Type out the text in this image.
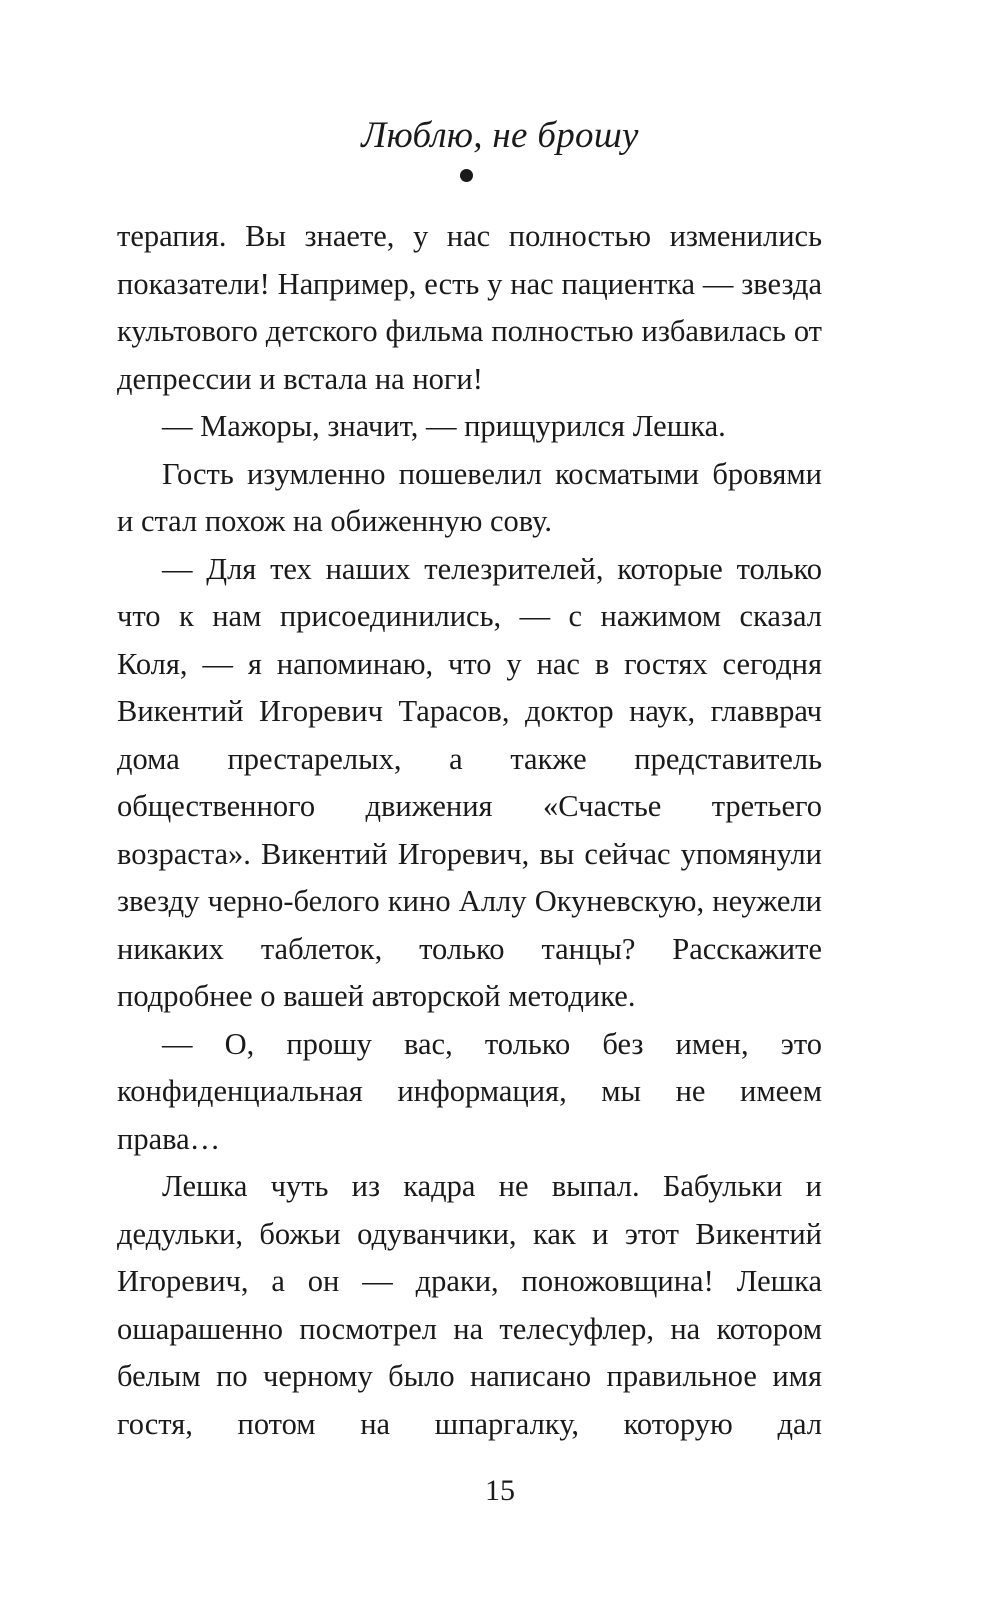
Люблю, не брошу

терапия. Вы знаете, у нас полностью изменились показатели! Например, есть у нас пациентка — звезда культового детского фильма полностью избавилась от депрессии и встала на ноги!

— Мажоры, значит, — прищурился Лешка.

Гость изумленно пошевелил косматыми бровями и стал похож на обиженную сову.

— Для тех наших телезрителей, которые только что к нам присоединились, — с нажимом сказал Коля, — я напоминаю, что у нас в гостях сегодня Викентий Игоревич Тарасов, доктор наук, главврач дома престарелых, а также представитель общественного движения «Счастье третьего возраста». Викентий Игоревич, вы сейчас упомянули звезду черно-белого кино Аллу Окуневскую, неужели никаких таблеток, только танцы? Расскажите подробнее о вашей авторской методике.

— О, прошу вас, только без имен, это конфиденциальная информация, мы не имеем права…

Лешка чуть из кадра не выпал. Бабульки и дедульки, божьи одуванчики, как и этот Викентий Игоревич, а он — драки, поножовщина! Лешка ошарашенно посмотрел на телесуфлер, на котором белым по черному было написано правильное имя гостя, потом на шпаргалку, которую дал

15
